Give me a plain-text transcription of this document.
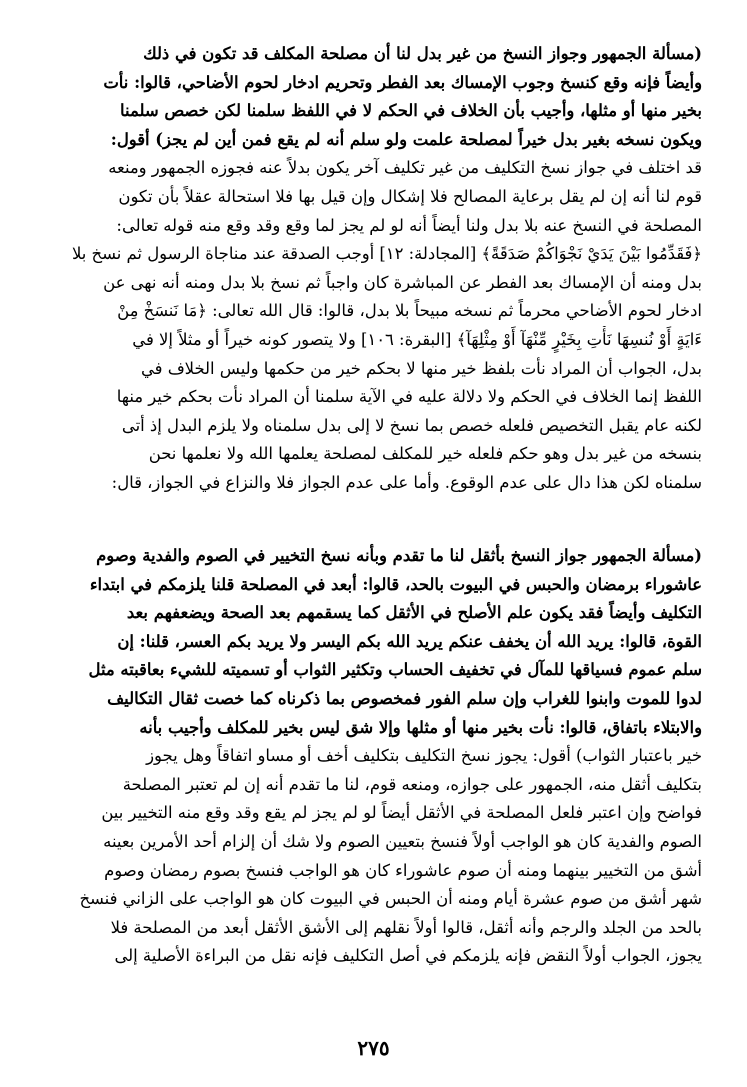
(مسألة الجمهور وجواز النسخ من غير بدل لنا أن مصلحة المكلف قد تكون في ذلك
وأيضاً فإنه وقع كنسخ وجوب الإمساك بعد الفطر وتحريم ادخار لحوم الأضاحي، قالوا: نأت
بخير منها أو مثلها، وأجيب بأن الخلاف في الحكم لا في اللفظ سلمنا لكن خصص سلمنا
ويكون نسخه بغير بدل خيراً لمصلحة علمت ولو سلم أنه لم يقع فمن أين لم يجز) أقول:
قد اختلف في جواز نسخ التكليف من غير تكليف آخر يكون بدلاً عنه فجوزه الجمهور ومنعه
قوم لنا أنه إن لم يقل برعاية المصالح فلا إشكال وإن قيل بها فلا استحالة عقلاً بأن تكون
المصلحة في النسخ عنه بلا بدل ولنا أيضاً أنه لو لم يجز لما وقع وقد وقع منه قوله تعالى:
﴿فَقَدِّمُوا بَيْنَ يَدَيْ نَجْوَاكُمْ صَدَقَةً﴾ [المجادلة: ١٢] أوجب الصدقة عند مناجاة الرسول ثم نسخ بلا
بدل ومنه أن الإمساك بعد الفطر عن المباشرة كان واجباً ثم نسخ بلا بدل ومنه أنه نهى عن
ادخار لحوم الأضاحي محرماً ثم نسخه مبيحاً بلا بدل، قالوا: قال الله تعالى: ﴿مَا نَنسَخْ مِنْ
ءَايَةٍ أَوْ نُنسِهَا نَأْتِ بِخَيْرٍ مِّنْهَآ أَوْ مِثْلِهَآ﴾ [البقرة: ١٠٦] ولا يتصور كونه خيراً أو مثلاً إلا في
بدل، الجواب أن المراد نأت بلفظ خير منها لا بحكم خير من حكمها وليس الخلاف في
اللفظ إنما الخلاف في الحكم ولا دلالة عليه في الآية سلمنا أن المراد نأت بحكم خير منها
لكنه عام يقبل التخصيص فلعله خصص بما نسخ لا إلى بدل سلمناه ولا يلزم البدل إذ أتى
بنسخه من غير بدل وهو حكم فلعله خير للمكلف لمصلحة يعلمها الله ولا نعلمها نحن
سلمناه لكن هذا دال على عدم الوقوع. وأما على عدم الجواز فلا والنزاع في الجواز، قال:
(مسألة الجمهور جواز النسخ بأثقل لنا ما تقدم وبأنه نسخ التخيير في الصوم والفدية وصوم
عاشوراء برمضان والحبس في البيوت بالحد، قالوا: أبعد في المصلحة قلنا يلزمكم في ابتداء
التكليف وأيضاً فقد يكون علم الأصلح في الأثقل كما يسقمهم بعد الصحة ويضعفهم بعد
القوة، قالوا: يريد الله أن يخفف عنكم يريد الله بكم اليسر ولا يريد بكم العسر، قلنا: إن
سلم عموم فسياقها للمآل في تخفيف الحساب وتكثير الثواب أو تسميته للشيء بعاقبته مثل
لدوا للموت وابنوا للغراب وإن سلم الفور فمخصوص بما ذكرناه كما خصت ثقال التكاليف
والابتلاء باتفاق، قالوا: نأت بخير منها أو مثلها وإلا شق ليس بخير للمكلف وأجيب بأنه
خير باعتبار الثواب) أقول: يجوز نسخ التكليف بتكليف أخف أو مساو اتفاقاً وهل يجوز
بتكليف أثقل منه، الجمهور على جوازه، ومنعه قوم، لنا ما تقدم أنه إن لم تعتبر المصلحة
فواضح وإن اعتبر فلعل المصلحة في الأثقل أيضاً لو لم يجز لم يقع وقد وقع منه التخيير بين
الصوم والفدية كان هو الواجب أولاً فنسخ بتعيين الصوم ولا شك أن إلزام أحد الأمرين بعينه
أشق من التخيير بينهما ومنه أن صوم عاشوراء كان هو الواجب فنسخ بصوم رمضان وصوم
شهر أشق من صوم عشرة أيام ومنه أن الحبس في البيوت كان هو الواجب على الزاني فنسخ
بالحد من الجلد والرجم وأنه أثقل، قالوا أولاً نقلهم إلى الأشق الأثقل أبعد من المصلحة فلا
يجوز، الجواب أولاً النقض فإنه يلزمكم في أصل التكليف فإنه نقل من البراءة الأصلية إلى
٢٧٥
